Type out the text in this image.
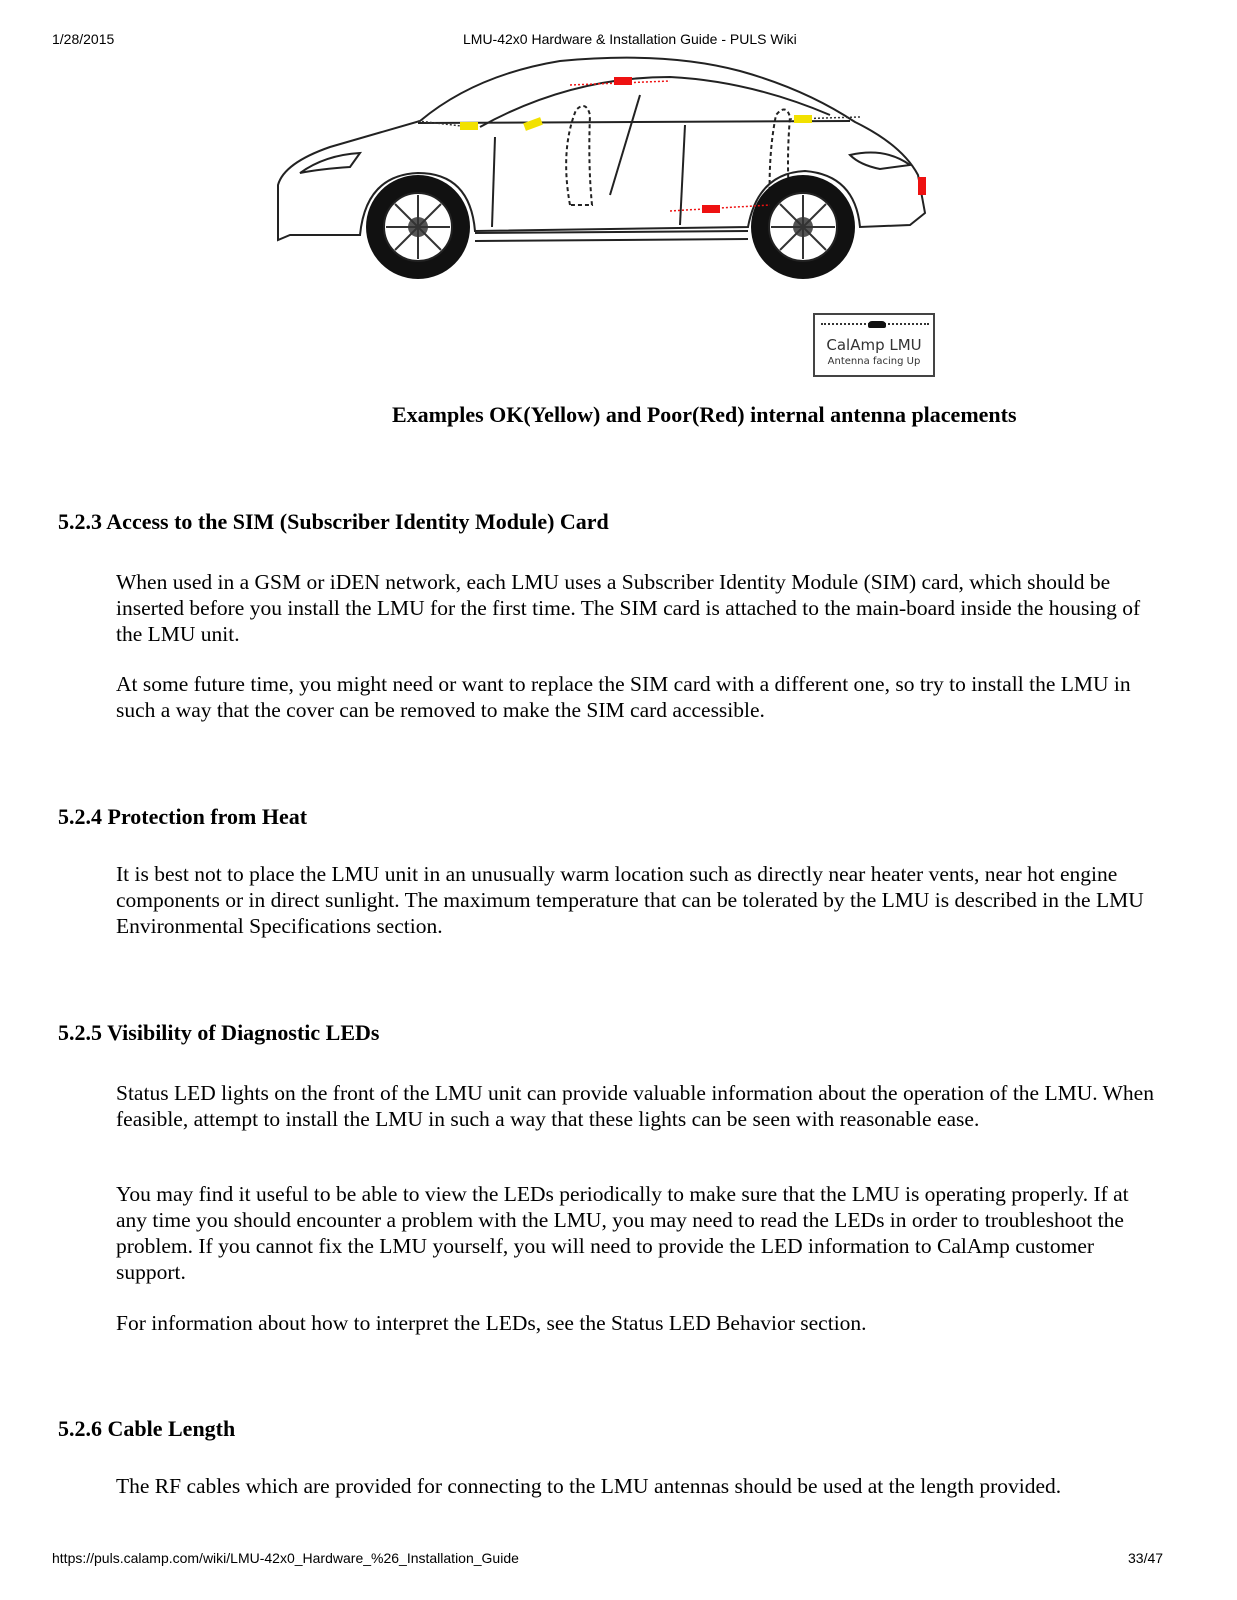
1/28/2015	LMU-42x0 Hardware & Installation Guide - PULS Wiki
CalAmp LMU
Antenna facing Up
Examples OK(Yellow) and Poor(Red) internal antenna placements
5.2.3 Access to the SIM (Subscriber Identity Module) Card

When used in a GSM or iDEN network, each LMU uses a Subscriber Identity Module (SIM) card, which should be inserted before you install the LMU for the first time. The SIM card is attached to the main-board inside the housing of the LMU unit.

At some future time, you might need or want to replace the SIM card with a different one, so try to install the LMU in such a way that the cover can be removed to make the SIM card accessible.

5.2.4 Protection from Heat

It is best not to place the LMU unit in an unusually warm location such as directly near heater vents, near hot engine components or in direct sunlight. The maximum temperature that can be tolerated by the LMU is described in the LMU Environmental Specifications section.

5.2.5 Visibility of Diagnostic LEDs

Status LED lights on the front of the LMU unit can provide valuable information about the operation of the LMU. When feasible, attempt to install the LMU in such a way that these lights can be seen with reasonable ease.

You may find it useful to be able to view the LEDs periodically to make sure that the LMU is operating properly. If at any time you should encounter a problem with the LMU, you may need to read the LEDs in order to troubleshoot the problem. If you cannot fix the LMU yourself, you will need to provide the LED information to CalAmp customer support.

For information about how to interpret the LEDs, see the Status LED Behavior section.

5.2.6 Cable Length

The RF cables which are provided for connecting to the LMU antennas should be used at the length provided.

https://puls.calamp.com/wiki/LMU-42x0_Hardware_%26_Installation_Guide	33/47
